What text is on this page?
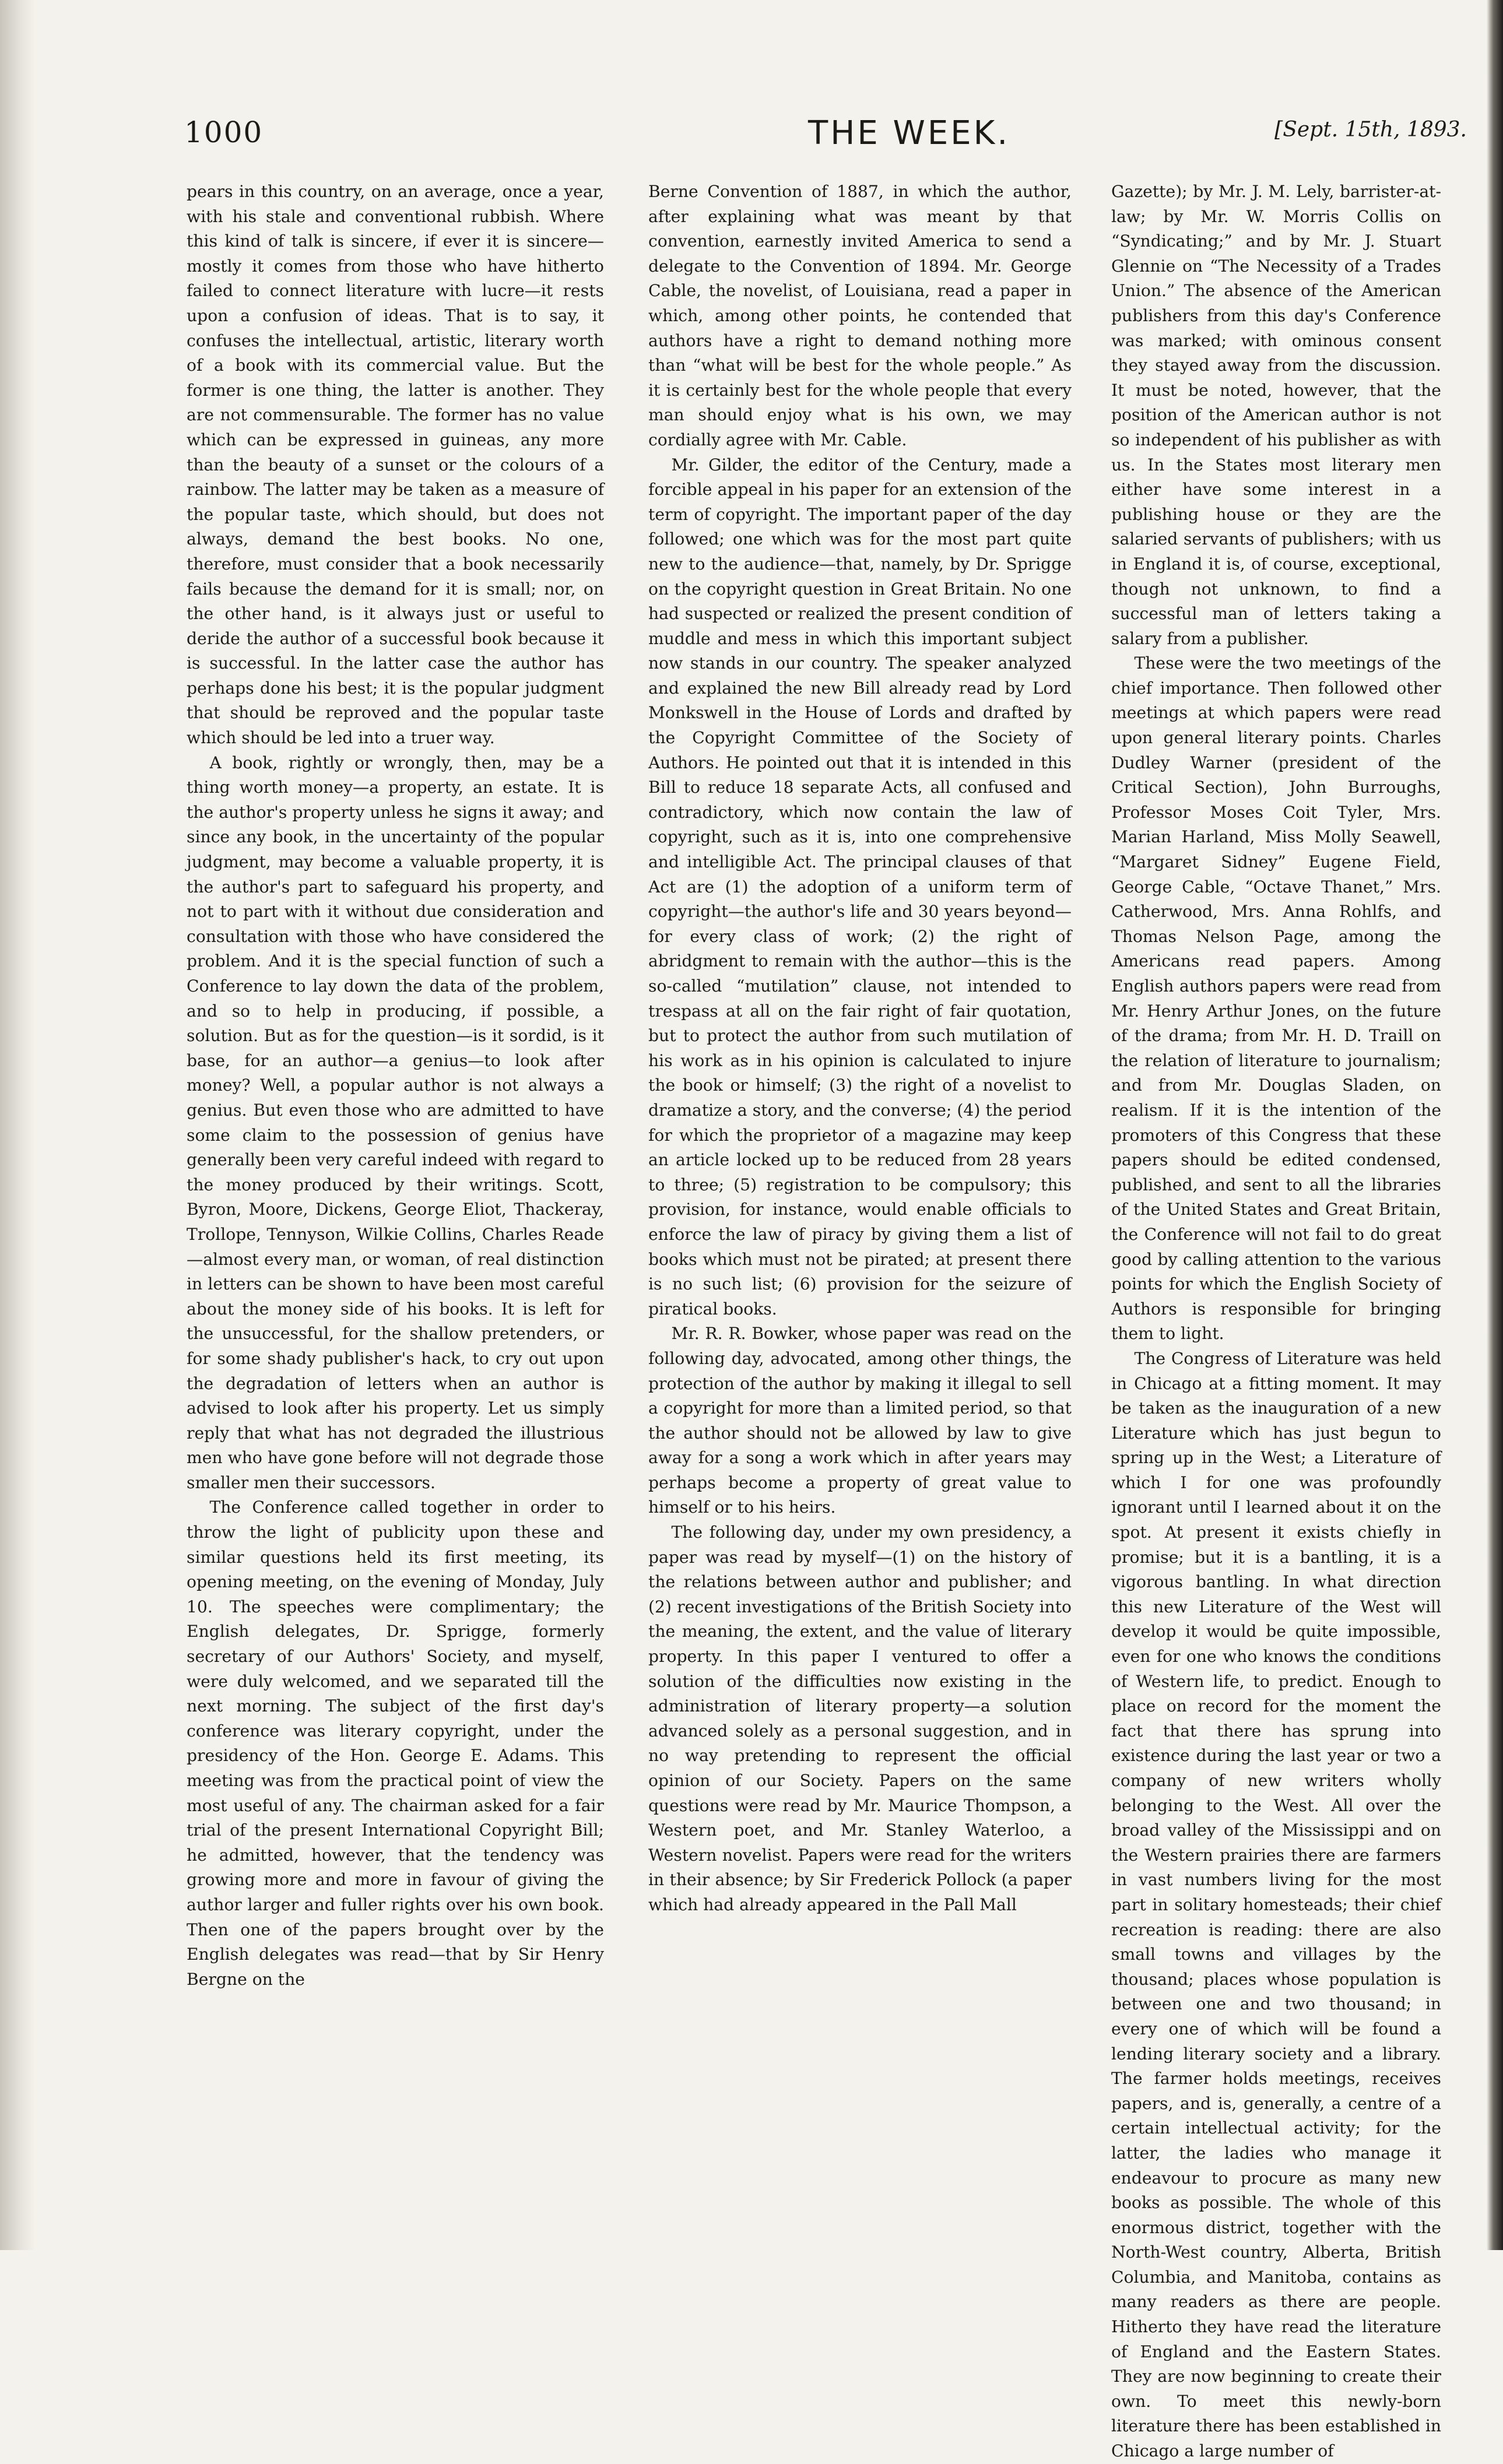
1000	THE WEEK.	[Sept. 15th, 1893.

pears in this country, on an average, once a year, with his stale and conventional rubbish. Where this kind of talk is sincere, if ever it is sincere—mostly it comes from those who have hitherto failed to connect literature with lucre—it rests upon a confusion of ideas. That is to say, it confuses the intellectual, artistic, literary worth of a book with its commercial value. But the former is one thing, the latter is another. They are not commensurable. The former has no value which can be expressed in guineas, any more than the beauty of a sunset or the colours of a rainbow. The latter may be taken as a measure of the popular taste, which should, but does not always, demand the best books. No one, therefore, must consider that a book necessarily fails because the demand for it is small; nor, on the other hand, is it always just or useful to deride the author of a successful book because it is successful. In the latter case the author has perhaps done his best; it is the popular judgment that should be reproved and the popular taste which should be led into a truer way.

A book, rightly or wrongly, then, may be a thing worth money—a property, an estate. It is the author's property unless he signs it away; and since any book, in the uncertainty of the popular judgment, may become a valuable property, it is the author's part to safeguard his property, and not to part with it without due consideration and consultation with those who have considered the problem. And it is the special function of such a Conference to lay down the data of the problem, and so to help in producing, if possible, a solution. But as for the question—is it sordid, is it base, for an author—a genius—to look after money? Well, a popular author is not always a genius. But even those who are admitted to have some claim to the possession of genius have generally been very careful indeed with regard to the money produced by their writings. Scott, Byron, Moore, Dickens, George Eliot, Thackeray, Trollope, Tennyson, Wilkie Collins, Charles Reade—almost every man, or woman, of real distinction in letters can be shown to have been most careful about the money side of his books. It is left for the unsuccessful, for the shallow pretenders, or for some shady publisher's hack, to cry out upon the degradation of letters when an author is advised to look after his property. Let us simply reply that what has not degraded the illustrious men who have gone before will not degrade those smaller men their successors.

The Conference called together in order to throw the light of publicity upon these and similar questions held its first meeting, its opening meeting, on the evening of Monday, July 10. The speeches were complimentary; the English delegates, Dr. Sprigge, formerly secretary of our Authors' Society, and myself, were duly welcomed, and we separated till the next morning. The subject of the first day's conference was literary copyright, under the presidency of the Hon. George E. Adams. This meeting was from the practical point of view the most useful of any. The chairman asked for a fair trial of the present International Copyright Bill; he admitted, however, that the tendency was growing more and more in favour of giving the author larger and fuller rights over his own book. Then one of the papers brought over by the English delegates was read—that by Sir Henry Bergne on the

Berne Convention of 1887, in which the author, after explaining what was meant by that convention, earnestly invited America to send a delegate to the Convention of 1894. Mr. George Cable, the novelist, of Louisiana, read a paper in which, among other points, he contended that authors have a right to demand nothing more than “what will be best for the whole people.” As it is certainly best for the whole people that every man should enjoy what is his own, we may cordially agree with Mr. Cable.

Mr. Gilder, the editor of the Century, made a forcible appeal in his paper for an extension of the term of copyright. The important paper of the day followed; one which was for the most part quite new to the audience—that, namely, by Dr. Sprigge on the copyright question in Great Britain. No one had suspected or realized the present condition of muddle and mess in which this important subject now stands in our country. The speaker analyzed and explained the new Bill already read by Lord Monkswell in the House of Lords and drafted by the Copyright Committee of the Society of Authors. He pointed out that it is intended in this Bill to reduce 18 separate Acts, all confused and contradictory, which now contain the law of copyright, such as it is, into one comprehensive and intelligible Act. The principal clauses of that Act are (1) the adoption of a uniform term of copyright—the author's life and 30 years beyond—for every class of work; (2) the right of abridgment to remain with the author—this is the so-called “mutilation” clause, not intended to trespass at all on the fair right of fair quotation, but to protect the author from such mutilation of his work as in his opinion is calculated to injure the book or himself; (3) the right of a novelist to dramatize a story, and the converse; (4) the period for which the proprietor of a magazine may keep an article locked up to be reduced from 28 years to three; (5) registration to be compulsory; this provision, for instance, would enable officials to enforce the law of piracy by giving them a list of books which must not be pirated; at present there is no such list; (6) provision for the seizure of piratical books.

Mr. R. R. Bowker, whose paper was read on the following day, advocated, among other things, the protection of the author by making it illegal to sell a copyright for more than a limited period, so that the author should not be allowed by law to give away for a song a work which in after years may perhaps become a property of great value to himself or to his heirs.

The following day, under my own presidency, a paper was read by myself—(1) on the history of the relations between author and publisher; and (2) recent investigations of the British Society into the meaning, the extent, and the value of literary property. In this paper I ventured to offer a solution of the difficulties now existing in the administration of literary property—a solution advanced solely as a personal suggestion, and in no way pretending to represent the official opinion of our Society. Papers on the same questions were read by Mr. Maurice Thompson, a Western poet, and Mr. Stanley Waterloo, a Western novelist. Papers were read for the writers in their absence; by Sir Frederick Pollock (a paper which had already appeared in the Pall Mall

Gazette); by Mr. J. M. Lely, barrister-at-law; by Mr. W. Morris Collis on “Syndicating;” and by Mr. J. Stuart Glennie on “The Necessity of a Trades Union.” The absence of the American publishers from this day's Conference was marked; with ominous consent they stayed away from the discussion. It must be noted, however, that the position of the American author is not so independent of his publisher as with us. In the States most literary men either have some interest in a publishing house or they are the salaried servants of publishers; with us in England it is, of course, exceptional, though not unknown, to find a successful man of letters taking a salary from a publisher.

These were the two meetings of the chief importance. Then followed other meetings at which papers were read upon general literary points. Charles Dudley Warner (president of the Critical Section), John Burroughs, Professor Moses Coit Tyler, Mrs. Marian Harland, Miss Molly Seawell, “Margaret Sidney” Eugene Field, George Cable, “Octave Thanet,” Mrs. Catherwood, Mrs. Anna Rohlfs, and Thomas Nelson Page, among the Americans read papers. Among English authors papers were read from Mr. Henry Arthur Jones, on the future of the drama; from Mr. H. D. Traill on the relation of literature to journalism; and from Mr. Douglas Sladen, on realism. If it is the intention of the promoters of this Congress that these papers should be edited condensed, published, and sent to all the libraries of the United States and Great Britain, the Conference will not fail to do great good by calling attention to the various points for which the English Society of Authors is responsible for bringing them to light.

The Congress of Literature was held in Chicago at a fitting moment. It may be taken as the inauguration of a new Literature which has just begun to spring up in the West; a Literature of which I for one was profoundly ignorant until I learned about it on the spot. At present it exists chiefly in promise; but it is a bantling, it is a vigorous bantling. In what direction this new Literature of the West will develop it would be quite impossible, even for one who knows the conditions of Western life, to predict. Enough to place on record for the moment the fact that there has sprung into existence during the last year or two a company of new writers wholly belonging to the West. All over the broad valley of the Mississippi and on the Western prairies there are farmers in vast numbers living for the most part in solitary homesteads; their chief recreation is reading: there are also small towns and villages by the thousand; places whose population is between one and two thousand; in every one of which will be found a lending literary society and a library. The farmer holds meetings, receives papers, and is, generally, a centre of a certain intellectual activity; for the latter, the ladies who manage it endeavour to procure as many new books as possible. The whole of this enormous district, together with the North-West country, Alberta, British Columbia, and Manitoba, contains as many readers as there are people. Hitherto they have read the literature of England and the Eastern States. They are now beginning to create their own. To meet this newly-born literature there has been established in Chicago a large number of
